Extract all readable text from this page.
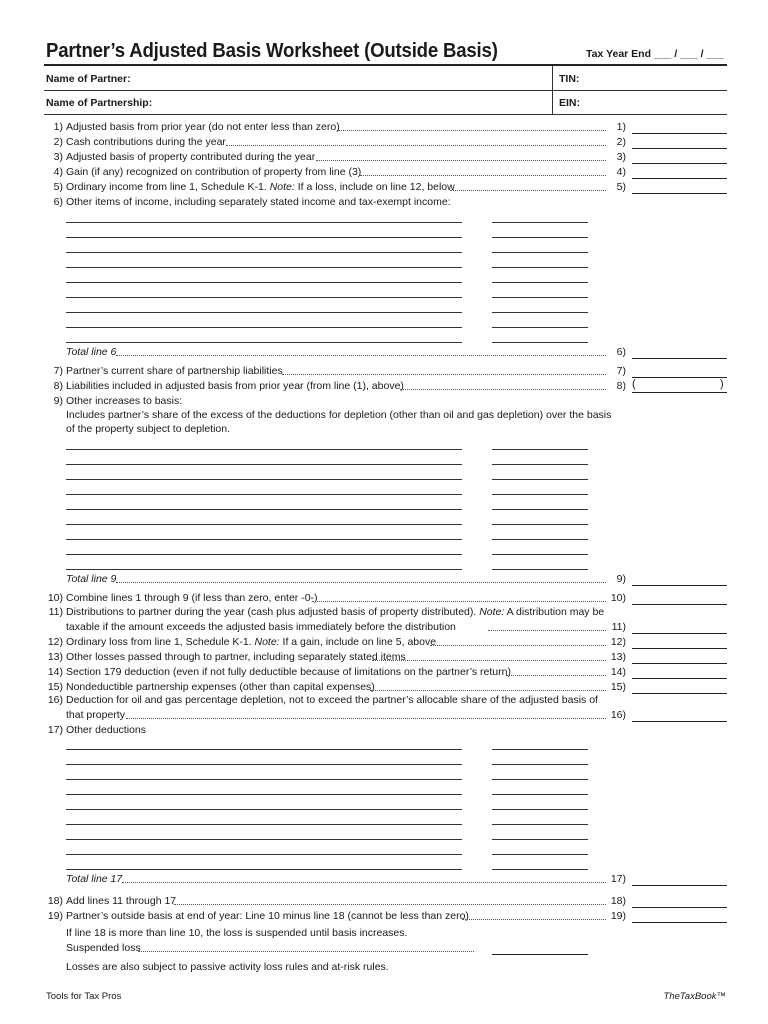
Partner’s Adjusted Basis Worksheet (Outside Basis)	Tax Year End ___ / ___ / ___
Name of Partner:	TIN:
Name of Partnership:	EIN:
1) Adjusted basis from prior year (do not enter less than zero)	1)
2) Cash contributions during the year	2)
3) Adjusted basis of property contributed during the year	3)
4) Gain (if any) recognized on contribution of property from line (3)	4)
5) Ordinary income from line 1, Schedule K-1. Note: If a loss, include on line 12, below	5)
6) Other items of income, including separately stated income and tax-exempt income:
Total line 6	6)
7) Partner’s current share of partnership liabilities	7)
8) Liabilities included in adjusted basis from prior year (from line (1), above)	8) (	)
9) Other increases to basis:
Includes partner’s share of the excess of the deductions for depletion (other than oil and gas depletion) over the basis
of the property subject to depletion.
Total line 9	9)
10) Combine lines 1 through 9 (if less than zero, enter -0-)	10)
11) Distributions to partner during the year (cash plus adjusted basis of property distributed). Note: A distribution may be
taxable if the amount exceeds the adjusted basis immediately before the distribution	11)
12) Ordinary loss from line 1, Schedule K-1. Note: If a gain, include on line 5, above	12)
13) Other losses passed through to partner, including separately stated items	13)
14) Section 179 deduction (even if not fully deductible because of limitations on the partner’s return)	14)
15) Nondeductible partnership expenses (other than capital expenses)	15)
16) Deduction for oil and gas percentage depletion, not to exceed the partner’s allocable share of the adjusted basis of
that property	16)
17) Other deductions
Total line 17	17)
18) Add lines 11 through 17	18)
19) Partner’s outside basis at end of year: Line 10 minus line 18 (cannot be less than zero)	19)
If line 18 is more than line 10, the loss is suspended until basis increases.
Suspended loss
Losses are also subject to passive activity loss rules and at-risk rules.
Tools for Tax Pros	TheTaxBook™
